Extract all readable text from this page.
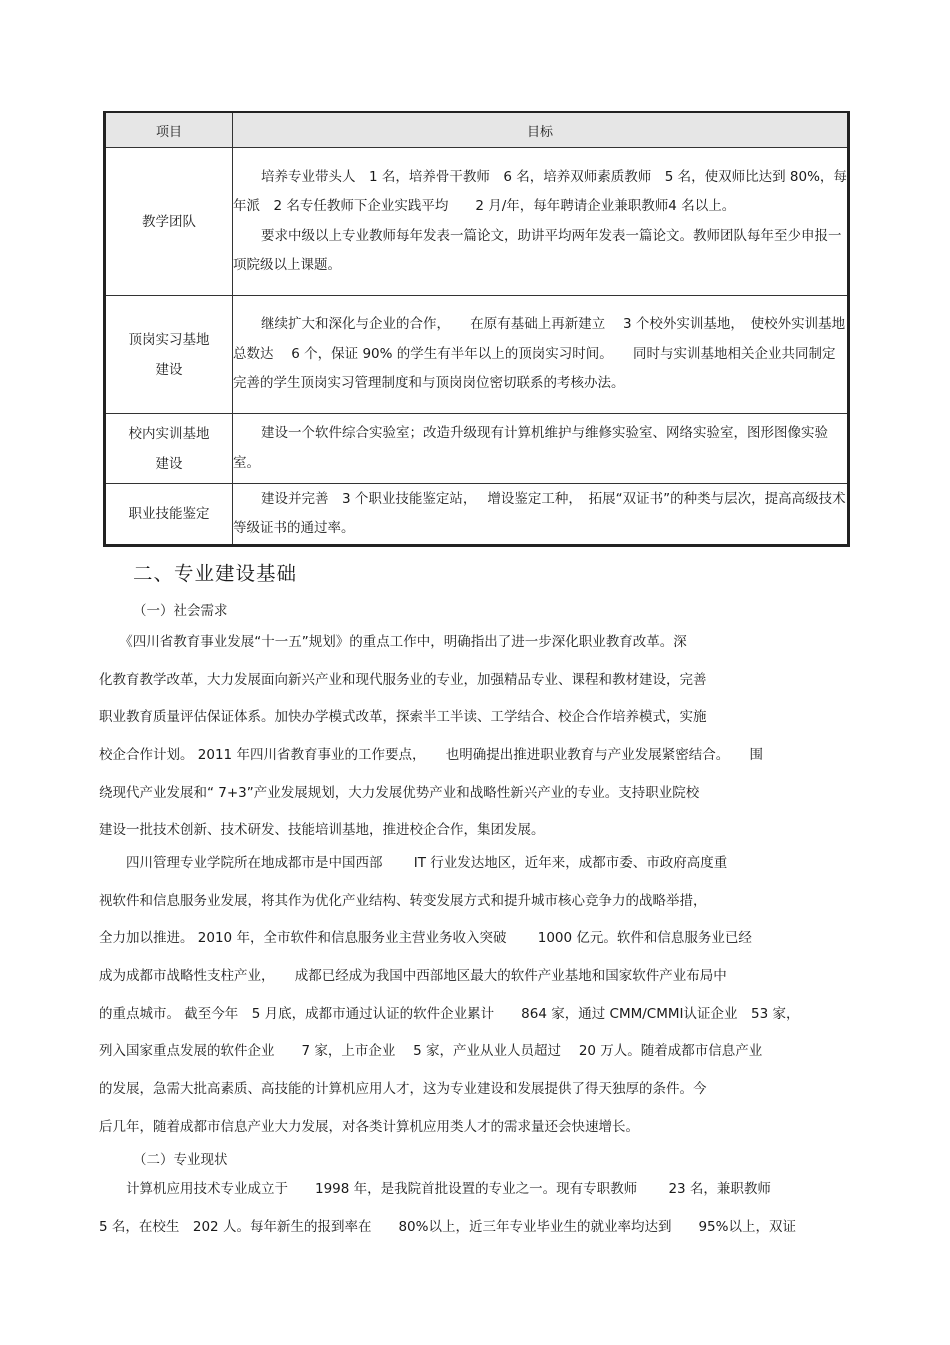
项目	目标
教学团队	培养专业带头人　1 名，培养骨干教师　6 名，培养双师素质教师　5 名，使双师比达到 80%，每年派　2 名专任教师下企业实践平均　　2 月/年，每年聘请企业兼职教师4 名以上。

要求中级以上专业教师每年发表一篇论文，助讲平均两年发表一篇论文。教师团队每年至少申报一项院级以上课题。

顶岗实习基地
建设	继续扩大和深化与企业的合作，　　在原有基础上再新建立　 3 个校外实训基地，　使校外实训基地总数达　 6 个，保证 90% 的学生有半年以上的顶岗实习时间。　　同时与实训基地相关企业共同制定完善的学生顶岗实习管理制度和与顶岗岗位密切联系的考核办法。

校内实训基地
建设	建设一个软件综合实验室；改造升级现有计算机维护与维修实验室、网络实验室，图形图像实验室。

职业技能鉴定	建设并完善　3 个职业技能鉴定站，　 增设鉴定工种，　拓展“双证书”的种类与层次，提高高级技术等级证书的通过率。

二、专业建设基础
（一）社会需求
　　《四川省教育事业发展“十一五”规划》的重点工作中，明确指出了进一步深化职业教育改革。深
化教育教学改革，大力发展面向新兴产业和现代服务业的专业，加强精品专业、课程和教材建设，完善
职业教育质量评估保证体系。加快办学模式改革，探索半工半读、工学结合、校企合作培养模式，实施
校企合作计划。 2011 年四川省教育事业的工作要点，　　也明确提出推进职业教育与产业发展紧密结合。　　围
绕现代产业发展和“ 7+3”产业发展规划，大力发展优势产业和战略性新兴产业的专业。支持职业院校
建设一批技术创新、技术研发、技能培训基地，推进校企合作，集团发展。
　　四川管理专业学院所在地成都市是中国西部　　 IT 行业发达地区，近年来，成都市委、市政府高度重
视软件和信息服务业发展，将其作为优化产业结构、转变发展方式和提升城市核心竞争力的战略举措，
全力加以推进。 2010 年，全市软件和信息服务业主营业务收入突破　　 1000 亿元。软件和信息服务业已经
成为成都市战略性支柱产业，　　成都已经成为我国中西部地区最大的软件产业基地和国家软件产业布局中
的重点城市。 截至今年　5 月底，成都市通过认证的软件企业累计　　864 家，通过 CMM/CMMI认证企业　53 家，
列入国家重点发展的软件企业　　7 家，上市企业　 5 家，产业从业人员超过　 20 万人。随着成都市信息产业
的发展，急需大批高素质、高技能的计算机应用人才，这为专业建设和发展提供了得天独厚的条件。今
后几年，随着成都市信息产业大力发展，对各类计算机应用类人才的需求量还会快速增长。
（二）专业现状
　　计算机应用技术专业成立于　　1998 年，是我院首批设置的专业之一。现有专职教师　　 23 名，兼职教师
5 名，在校生　202 人。每年新生的报到率在　　80%以上，近三年专业毕业生的就业率均达到　　95%以上，双证
